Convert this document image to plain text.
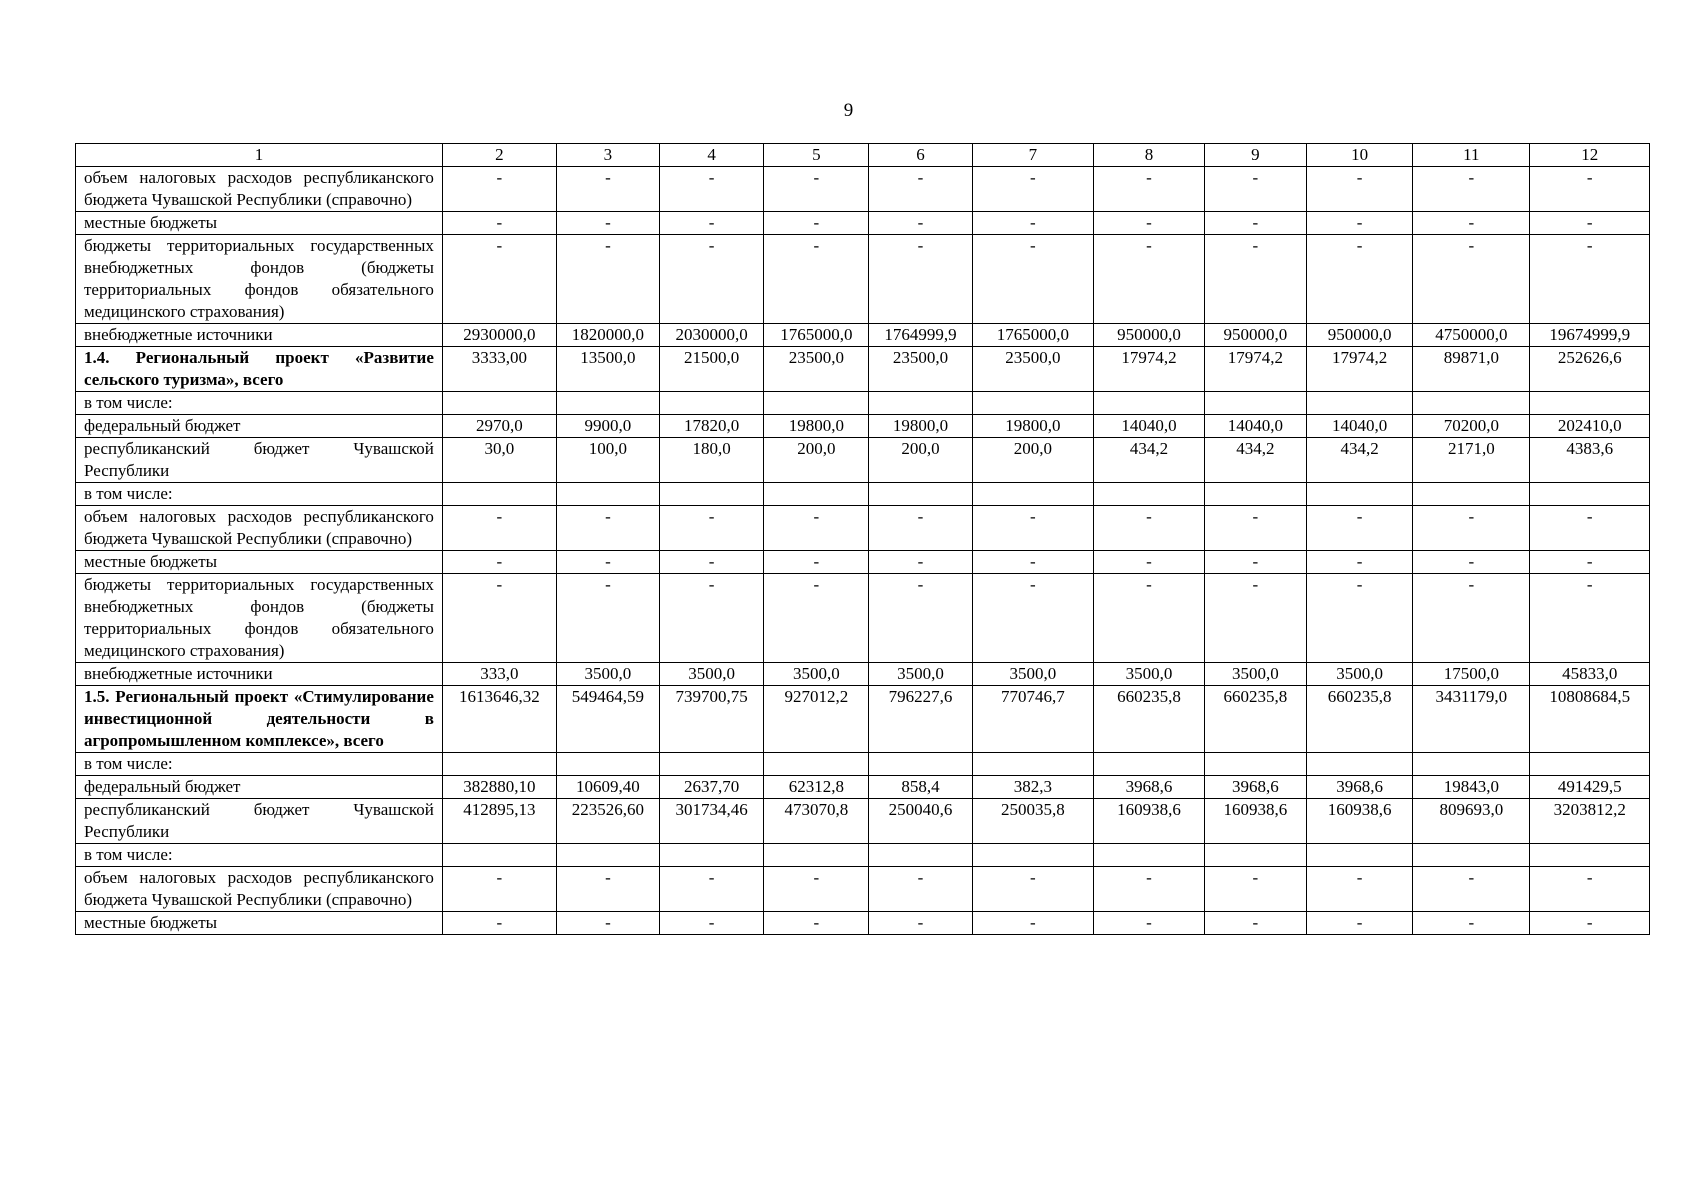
9
1	2	3	4	5	6	7	8	9	10	11	12
объем налоговых расходов республиканского бюджета Чувашской Республики (справочно)	-	-	-	-	-	-	-	-	-	-	-
местные бюджеты	-	-	-	-	-	-	-	-	-	-	-
бюджеты территориальных государственных внебюджетных фондов (бюджеты территориальных фондов обязательного медицинского страхования)	-	-	-	-	-	-	-	-	-	-	-
внебюджетные источники	2930000,0	1820000,0	2030000,0	1765000,0	1764999,9	1765000,0	950000,0	950000,0	950000,0	4750000,0	19674999,9
1.4. Региональный проект «Развитие сельского туризма», всего	3333,00	13500,0	21500,0	23500,0	23500,0	23500,0	17974,2	17974,2	17974,2	89871,0	252626,6
в том числе:											
федеральный бюджет	2970,0	9900,0	17820,0	19800,0	19800,0	19800,0	14040,0	14040,0	14040,0	70200,0	202410,0
республиканский бюджет Чувашской Республики	30,0	100,0	180,0	200,0	200,0	200,0	434,2	434,2	434,2	2171,0	4383,6
в том числе:											
объем налоговых расходов республиканского бюджета Чувашской Республики (справочно)	-	-	-	-	-	-	-	-	-	-	-
местные бюджеты	-	-	-	-	-	-	-	-	-	-	-
бюджеты территориальных государственных внебюджетных фондов (бюджеты территориальных фондов обязательного медицинского страхования)	-	-	-	-	-	-	-	-	-	-	-
внебюджетные источники	333,0	3500,0	3500,0	3500,0	3500,0	3500,0	3500,0	3500,0	3500,0	17500,0	45833,0
1.5. Региональный проект «Стимулирование инвестиционной деятельности в агропромышленном комплексе», всего	1613646,32	549464,59	739700,75	927012,2	796227,6	770746,7	660235,8	660235,8	660235,8	3431179,0	10808684,5
в том числе:											
федеральный бюджет	382880,10	10609,40	2637,70	62312,8	858,4	382,3	3968,6	3968,6	3968,6	19843,0	491429,5
республиканский бюджет Чувашской Республики	412895,13	223526,60	301734,46	473070,8	250040,6	250035,8	160938,6	160938,6	160938,6	809693,0	3203812,2
в том числе:											
объем налоговых расходов республиканского бюджета Чувашской Республики (справочно)	-	-	-	-	-	-	-	-	-	-	-
местные бюджеты	-	-	-	-	-	-	-	-	-	-	-
